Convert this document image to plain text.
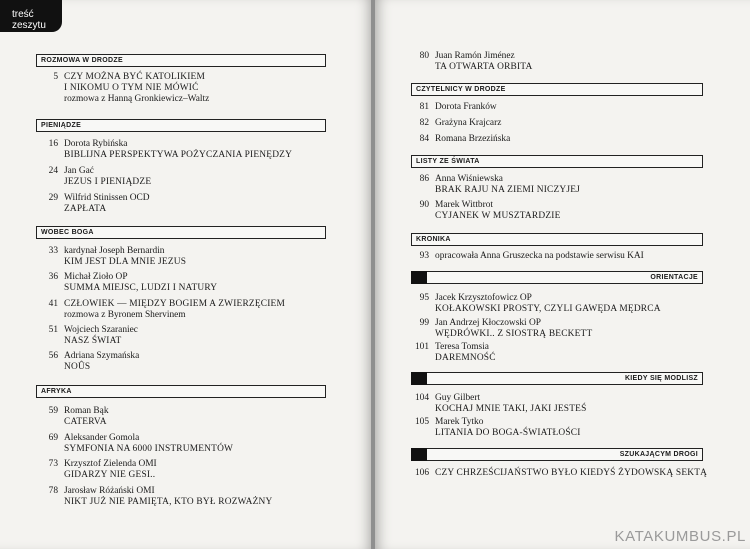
treść zeszytu
ROZMOWA W DRODZE
5 CZY MOŻNA BYĆ KATOLIKIEM
I NIKOMU O TYM NIE MÓWIĆ
rozmowa z Hanną Gronkiewicz–Waltz
PIENIĄDZE
16 Dorota Rybińska
BIBLIJNA PERSPEKTYWA POŻYCZANIA PIENĘDZY
24 Jan Gać
JEZUS I PIENIĄDZE
29 Wilfrid Stinissen OCD
ZAPŁATA
WOBEC BOGA
33 kardynał Joseph Bernardin
KIM JEST DLA MNIE JEZUS
36 Michał Zioło OP
SUMMA MIEJSC, LUDZI I NATURY
41 CZŁOWIEK — MIĘDZY BOGIEM A ZWIERZĘCIEM
rozmowa z Byronem Shervinem
51 Wojciech Szaraniec
NASZ ŚWIAT
56 Adriana Szymańska
NOÛS
AFRYKA
59 Roman Bąk
CATERVA
69 Aleksander Gomola
SYMFONIA NA 6000 INSTRUMENTÓW
73 Krzysztof Zielenda OMI
GIDARZY NIE GESI..
78 Jarosław Różański OMI
NIKT JUŻ NIE PAMIĘTA, KTO BYŁ ROZWAŻNY
80 Juan Ramón Jiménez
TA OTWARTA ORBITA
CZYTELNICY W DRODZE
81 Dorota Franków
82 Grażyna Krajcarz
84 Romana Brzezińska
LISTY ZE ŚWIATA
86 Anna Wiśniewska
BRAK RAJU NA ZIEMI NICZYJEJ
90 Marek Wittbrot
CYJANEK W MUSZTARDZIE
KRONIKA
93 opracowała Anna Gruszecka na podstawie serwisu KAI
ORIENTACJE
95 Jacek Krzysztofowicz OP
KOŁAKOWSKI PROSTY, CZYLI GAWĘDA MĘDRCA
99 Jan Andrzej Kłoczowski OP
WĘDRÓWKI.. Z SIOSTRĄ BECKETT
101 Teresa Tomsia
DAREMNOŚĆ
KIEDY SIĘ MODLISZ
104 Guy Gilbert
KOCHAJ MNIE TAKI, JAKI JESTEŚ
105 Marek Tytko
LITANIA DO BOGA-ŚWIATŁOŚCI
SZUKAJĄCYM DROGI
106 CZY CHRZEŚCIJAŃSTWO BYŁO KIEDYŚ ŻYDOWSKĄ SEKTĄ
KATAKUMBUS.PL
